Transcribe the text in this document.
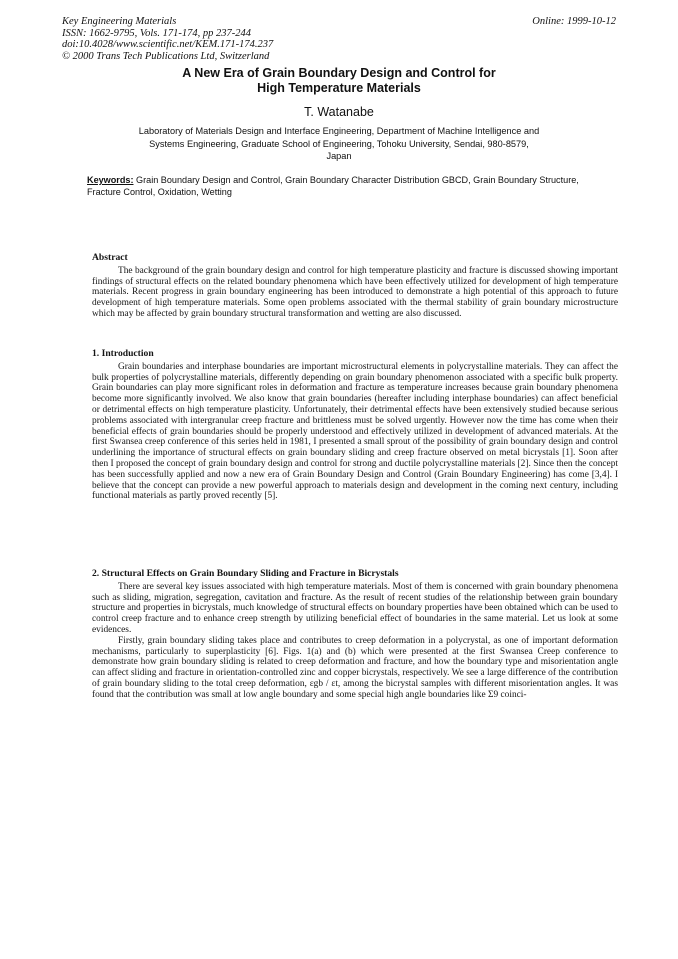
Key Engineering Materials
ISSN: 1662-9795, Vols. 171-174, pp 237-244
doi:10.4028/www.scientific.net/KEM.171-174.237
© 2000 Trans Tech Publications Ltd, Switzerland
Online: 1999-10-12
A New Era of Grain Boundary Design and Control for
High Temperature Materials
T. Watanabe
Laboratory of Materials Design and Interface Engineering, Department of Machine Intelligence and
Systems Engineering, Graduate School of Engineering, Tohoku University, Sendai, 980-8579,
Japan
Keywords: Grain Boundary Design and Control, Grain Boundary Character Distribution GBCD, Grain Boundary Structure, Fracture Control, Oxidation, Wetting
Abstract

The background of the grain boundary design and control for high temperature plasticity and fracture is discussed showing important findings of structural effects on the related boundary phenomena which have been effectively utilized for development of high temperature materials. Recent progress in grain boundary engineering has been introduced to demonstrate a high potential of this approach to future development of high temperature materials. Some open problems associated with the thermal stability of grain boundary microstructure which may be affected by grain boundary structural transformation and wetting are also discussed.

1. Introduction

Grain boundaries and interphase boundaries are important microstructural elements in polycrystalline materials. They can affect the bulk properties of polycrystalline materials, differently depending on grain boundary phenomenon associated with a specific bulk property. Grain boundaries can play more significant roles in deformation and fracture as temperature increases because grain boundary phenomena become more significantly involved. We also know that grain boundaries (hereafter including interphase boundaries) can affect beneficial or detrimental effects on high temperature plasticity. Unfortunately, their detrimental effects have been extensively studied because serious problems associated with intergranular creep fracture and brittleness must be solved urgently. However now the time has come when their beneficial effects of grain boundaries should be properly understood and effectively utilized in development of advanced materials. At the first Swansea creep conference of this series held in 1981, I presented a small sprout of the possibility of grain boundary design and control underlining the importance of structural effects on grain boundary sliding and creep fracture observed on metal bicrystals [1]. Soon after then I proposed the concept of grain boundary design and control for strong and ductile polycrystalline materials [2]. Since then the concept has been successfully applied and now a new era of Grain Boundary Design and Control (Grain Boundary Engineering) has come [3,4]. I believe that the concept can provide a new powerful approach to materials design and development in the coming next century, including functional materials as partly proved recently [5].

2. Structural Effects on Grain Boundary Sliding and Fracture in Bicrystals

There are several key issues associated with high temperature materials. Most of them is concerned with grain boundary phenomena such as sliding, migration, segregation, cavitation and fracture. As the result of recent studies of the relationship between grain boundary structure and properties in bicrystals, much knowledge of structural effects on boundary properties have been obtained which can be used to control creep fracture and to enhance creep strength by utilizing beneficial effect of boundaries in the same material. Let us look at some evidences.

Firstly, grain boundary sliding takes place and contributes to creep deformation in a polycrystal, as one of important deformation mechanisms, particularly to superplasticity [6]. Figs. 1(a) and (b) which were presented at the first Swansea Creep conference to demonstrate how grain boundary sliding is related to creep deformation and fracture, and how the boundary type and misorientation angle can affect sliding and fracture in orientation-controlled zinc and copper bicrystals, respectively. We see a large difference of the contribution of grain boundary sliding to the total creep deformation, εgb / εt, among the bicrystal samples with different misorientation angles. It was found that the contribution was small at low angle boundary and some special high angle boundaries like Σ9 coinci-
